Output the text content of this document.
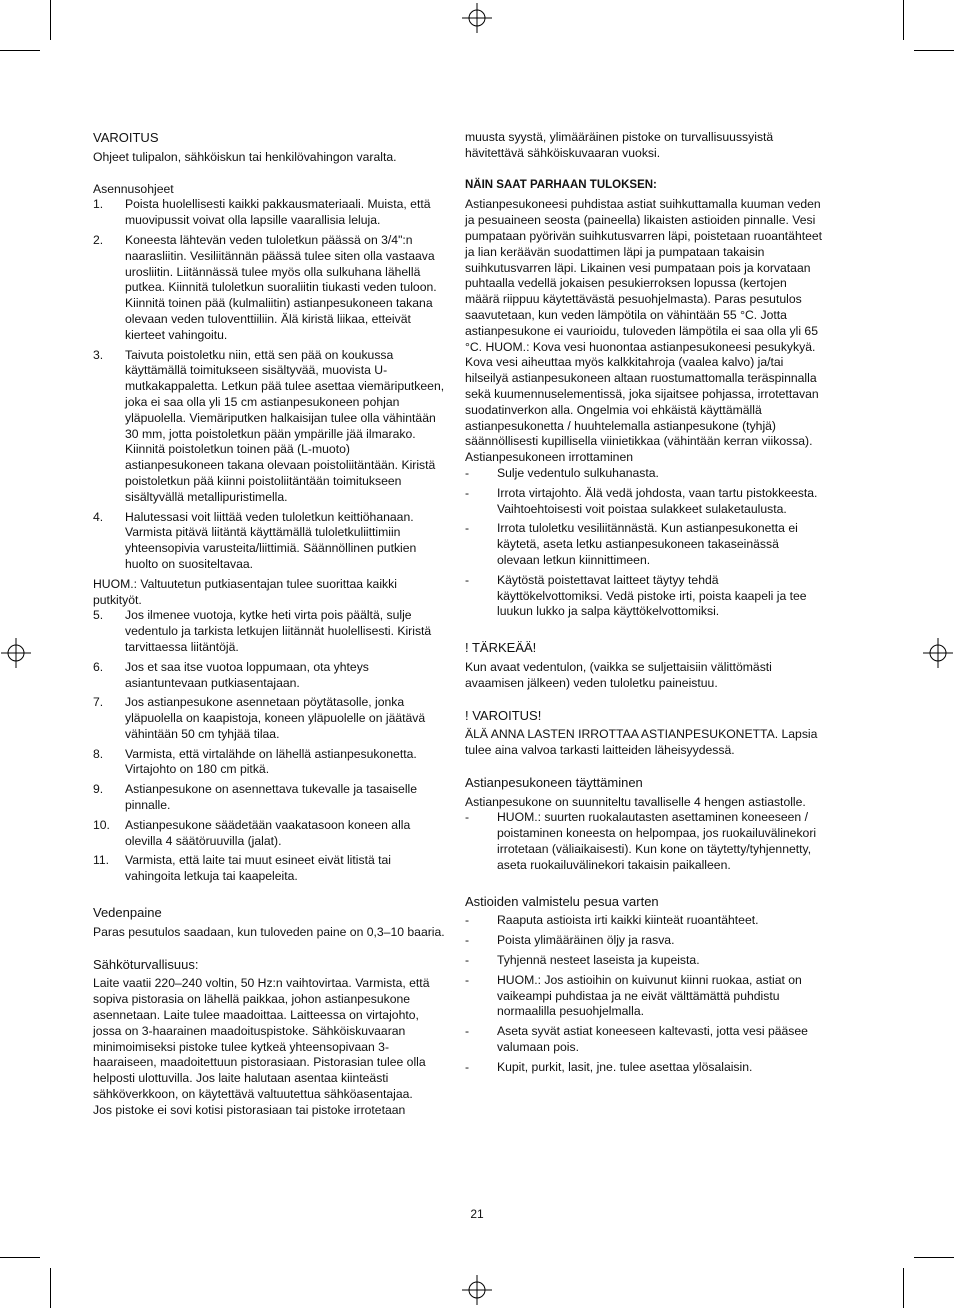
VAROITUS

Ohjeet tulipalon, sähköiskun tai henkilövahingon varalta.

Asennusohjeet

1.	Poista huolellisesti kaikki pakkausmateriaali. Muista, että muovipussit voivat olla lapsille vaarallisia leluja.
2.	Koneesta lähtevän veden tuloletkun päässä on 3/4":n naarasliitin. Vesiliitännän päässä tulee siten olla vastaava urosliitin. Liitännässä tulee myös olla sulkuhana lähellä putkea. Kiinnitä tuloletkun suoraliitin tiukasti veden tuloon. Kiinnitä toinen pää (kulmaliitin) astianpesukoneen takana olevaan veden tuloventtiiliin. Älä kiristä liikaa, etteivät kierteet vahingoitu.
3.	Taivuta poistoletku niin, että sen pää on koukussa käyttämällä toimitukseen sisältyvää, muovista U-mutkakappaletta. Letkun pää tulee asettaa viemäriputkeen, joka ei saa olla yli 15 cm astianpesukoneen pohjan yläpuolella. Viemäriputken halkaisijan tulee olla vähintään 30 mm, jotta poistoletkun pään ympärille jää ilmarako. Kiinnitä poistoletkun toinen pää (L-muoto) astianpesukoneen takana olevaan poistoliitäntään. Kiristä poistoletkun pää kiinni poistoliitäntään toimitukseen sisältyvällä metallipuristimella.
4.	Halutessasi voit liittää veden tuloletkun keittiöhanaan. Varmista pitävä liitäntä käyttämällä tuloletkuliittimiin yhteensopivia varusteita/liittimiä. Säännöllinen putkien huolto on suositeltavaa.

HUOM.: Valtuutetun putkiasentajan tulee suorittaa kaikki putkityöt.

5.	Jos ilmenee vuotoja, kytke heti virta pois päältä, sulje vedentulo ja tarkista letkujen liitännät huolellisesti. Kiristä tarvittaessa liitäntöjä.
6.	Jos et saa itse vuotoa loppumaan, ota yhteys asiantuntevaan putkiasentajaan.
7.	Jos astianpesukone asennetaan pöytätasolle, jonka yläpuolella on kaapistoja, koneen yläpuolelle on jäätävä vähintään 50 cm tyhjää tilaa.
8.	Varmista, että virtalähde on lähellä astianpesukonetta. Virtajohto on 180 cm pitkä.
9.	Astianpesukone on asennettava tukevalle ja tasaiselle pinnalle.
10.	Astianpesukone säädetään vaakatasoon koneen alla olevilla 4 säätöruuvilla (jalat).
11.	Varmista, että laite tai muut esineet eivät litistä tai vahingoita letkuja tai kaapeleita.

Vedenpaine

Paras pesutulos saadaan, kun tuloveden paine on 0,3–10 baaria.

Sähköturvallisuus:

Laite vaatii 220–240 voltin, 50 Hz:n vaihtovirtaa. Varmista, että sopiva pistorasia on lähellä paikkaa, johon astianpesukone asennetaan. Laite tulee maadoittaa. Laitteessa on virtajohto, jossa on 3-haarainen maadoituspistoke. Sähköiskuvaaran minimoimiseksi pistoke tulee kytkeä yhteensopivaan 3-haaraiseen, maadoitettuun pistorasiaan. Pistorasian tulee olla helposti ulottuvilla. Jos laite halutaan asentaa kiinteästi sähköverkkoon, on käytettävä valtuutettua sähköasentajaa.

Jos pistoke ei sovi kotisi pistorasiaan tai pistoke irrotetaan

muusta syystä, ylimääräinen pistoke on turvallisuussyistä hävitettävä sähköiskuvaaran vuoksi.

NÄIN SAAT PARHAAN TULOKSEN:

Astianpesukoneesi puhdistaa astiat suihkuttamalla kuuman veden ja pesuaineen seosta (paineella) likaisten astioiden pinnalle. Vesi pumpataan pyörivän suihkutusvarren läpi, poistetaan ruoantähteet ja lian keräävän suodattimen läpi ja pumpataan takaisin suihkutusvarren läpi. Likainen vesi pumpataan pois ja korvataan puhtaalla vedellä jokaisen pesukierroksen lopussa (kertojen määrä riippuu käytettävästä pesuohjelmasta). Paras pesutulos saavutetaan, kun veden lämpötila on vähintään 55 °C. Jotta astianpesukone ei vaurioidu, tuloveden lämpötila ei saa olla yli 65 °C. HUOM.: Kova vesi huonontaa astianpesukoneesi pesukykyä. Kova vesi aiheuttaa myös kalkkitahroja (vaalea kalvo) ja/tai hilseilyä astianpesukoneen altaan ruostumattomalla teräspinnalla sekä kuumennuselementissä, joka sijaitsee pohjassa, irrotettavan suodatinverkon alla. Ongelmia voi ehkäistä käyttämällä astianpesukonetta / huuhtelemalla astianpesukone (tyhjä) säännöllisesti kupillisella viinietikkaa (vähintään kerran viikossa).

Astianpesukoneen irrottaminen

-	Sulje vedentulo sulkuhanasta.
-	Irrota virtajohto. Älä vedä johdosta, vaan tartu pistokkeesta. Vaihtoehtoisesti voit poistaa sulakkeet sulaketaulusta.
-	Irrota tuloletku vesiliitännästä. Kun astianpesukonetta ei käytetä, aseta letku astianpesukoneen takaseinässä olevaan letkun kiinnittimeen.
-	Käytöstä poistettavat laitteet täytyy tehdä käyttökelvottomiksi. Vedä pistoke irti, poista kaapeli ja tee luukun lukko ja salpa käyttökelvottomiksi.

! TÄRKEÄÄ!

Kun avaat vedentulon, (vaikka se suljettaisiin välittömästi avaamisen jälkeen) veden tuloletku paineistuu.

! VAROITUS!

ÄLÄ ANNA LASTEN IRROTTAA ASTIANPESUKONETTA. Lapsia tulee aina valvoa tarkasti laitteiden läheisyydessä.

Astianpesukoneen täyttäminen

Astianpesukone on suunniteltu tavalliselle 4 hengen astiastolle.

-	HUOM.: suurten ruokalautasten asettaminen koneeseen / poistaminen koneesta on helpompaa, jos ruokailuvälinekori irrotetaan (väliaikaisesti). Kun kone on täytetty/tyhjennetty, aseta ruokailuvälinekori takaisin paikalleen.

Astioiden valmistelu pesua varten

-	Raaputa astioista irti kaikki kiinteät ruoantähteet.
-	Poista ylimääräinen öljy ja rasva.
-	Tyhjennä nesteet laseista ja kupeista.
-	HUOM.: Jos astioihin on kuivunut kiinni ruokaa, astiat on vaikeampi puhdistaa ja ne eivät välttämättä puhdistu normaalilla pesuohjelmalla.
-	Aseta syvät astiat koneeseen kaltevasti, jotta vesi pääsee valumaan pois.
-	Kupit, purkit, lasit, jne. tulee asettaa ylösalaisin.
21
